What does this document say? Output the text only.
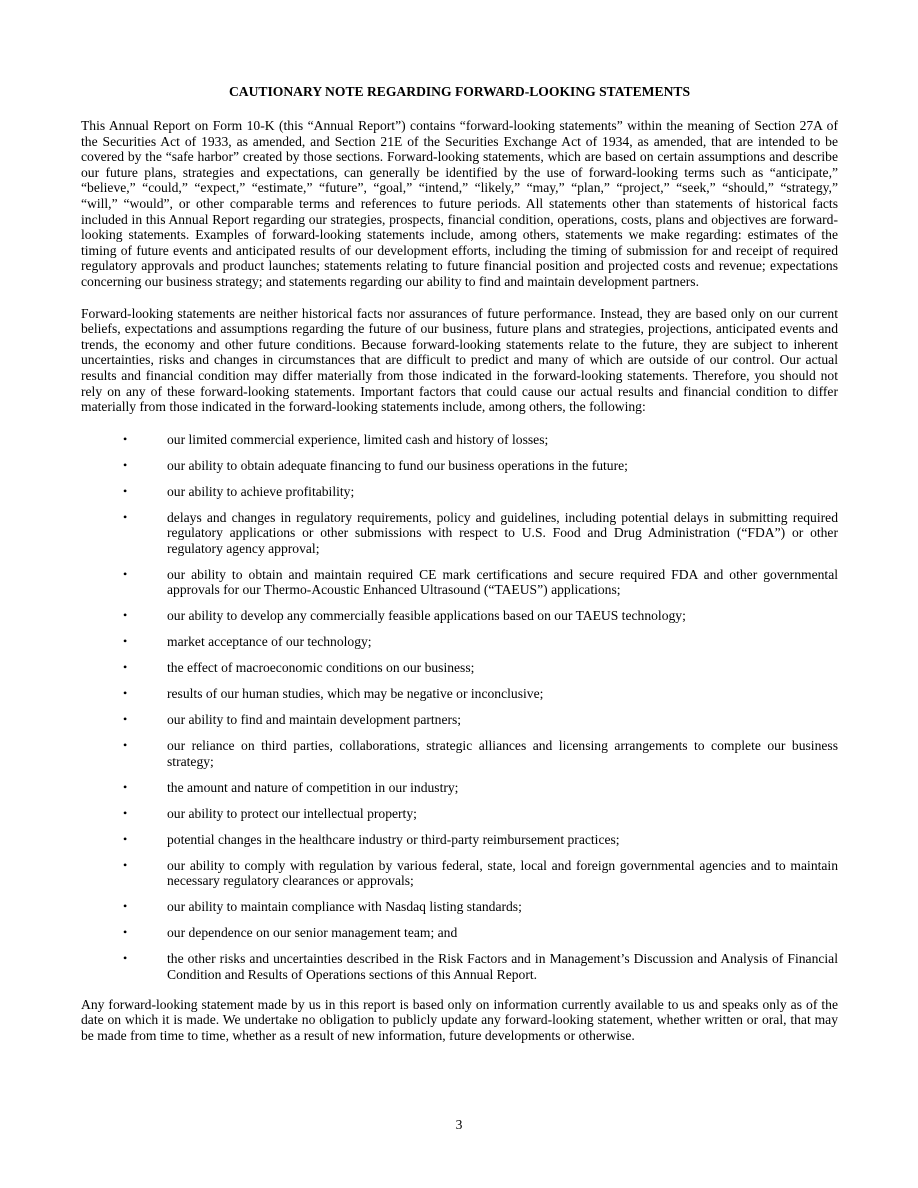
CAUTIONARY NOTE REGARDING FORWARD-LOOKING STATEMENTS

This Annual Report on Form 10-K (this “Annual Report”) contains “forward-looking statements” within the meaning of Section 27A of the Securities Act of 1933, as amended, and Section 21E of the Securities Exchange Act of 1934, as amended, that are intended to be covered by the “safe harbor” created by those sections. Forward-looking statements, which are based on certain assumptions and describe our future plans, strategies and expectations, can generally be identified by the use of forward-looking terms such as “anticipate,” “believe,” “could,” “expect,” “estimate,” “future”, “goal,” “intend,” “likely,” “may,” “plan,” “project,” “seek,” “should,” “strategy,” “will,” “would”, or other comparable terms and references to future periods. All statements other than statements of historical facts included in this Annual Report regarding our strategies, prospects, financial condition, operations, costs, plans and objectives are forward-looking statements. Examples of forward-looking statements include, among others, statements we make regarding: estimates of the timing of future events and anticipated results of our development efforts, including the timing of submission for and receipt of required regulatory approvals and product launches; statements relating to future financial position and projected costs and revenue; expectations concerning our business strategy; and statements regarding our ability to find and maintain development partners.

Forward-looking statements are neither historical facts nor assurances of future performance. Instead, they are based only on our current beliefs, expectations and assumptions regarding the future of our business, future plans and strategies, projections, anticipated events and trends, the economy and other future conditions. Because forward-looking statements relate to the future, they are subject to inherent uncertainties, risks and changes in circumstances that are difficult to predict and many of which are outside of our control. Our actual results and financial condition may differ materially from those indicated in the forward-looking statements. Therefore, you should not rely on any of these forward-looking statements. Important factors that could cause our actual results and financial condition to differ materially from those indicated in the forward-looking statements include, among others, the following:

•	our limited commercial experience, limited cash and history of losses;
•	our ability to obtain adequate financing to fund our business operations in the future;
•	our ability to achieve profitability;
•	delays and changes in regulatory requirements, policy and guidelines, including potential delays in submitting required regulatory applications or other submissions with respect to U.S. Food and Drug Administration (“FDA”) or other regulatory agency approval;
•	our ability to obtain and maintain required CE mark certifications and secure required FDA and other governmental approvals for our Thermo-Acoustic Enhanced Ultrasound (“TAEUS”) applications;
•	our ability to develop any commercially feasible applications based on our TAEUS technology;
•	market acceptance of our technology;
•	the effect of macroeconomic conditions on our business;
•	results of our human studies, which may be negative or inconclusive;
•	our ability to find and maintain development partners;
•	our reliance on third parties, collaborations, strategic alliances and licensing arrangements to complete our business strategy;
•	the amount and nature of competition in our industry;
•	our ability to protect our intellectual property;
•	potential changes in the healthcare industry or third-party reimbursement practices;
•	our ability to comply with regulation by various federal, state, local and foreign governmental agencies and to maintain necessary regulatory clearances or approvals;
•	our ability to maintain compliance with Nasdaq listing standards;
•	our dependence on our senior management team; and
•	the other risks and uncertainties described in the Risk Factors and in Management’s Discussion and Analysis of Financial Condition and Results of Operations sections of this Annual Report.

Any forward-looking statement made by us in this report is based only on information currently available to us and speaks only as of the date on which it is made. We undertake no obligation to publicly update any forward-looking statement, whether written or oral, that may be made from time to time, whether as a result of new information, future developments or otherwise.

3
